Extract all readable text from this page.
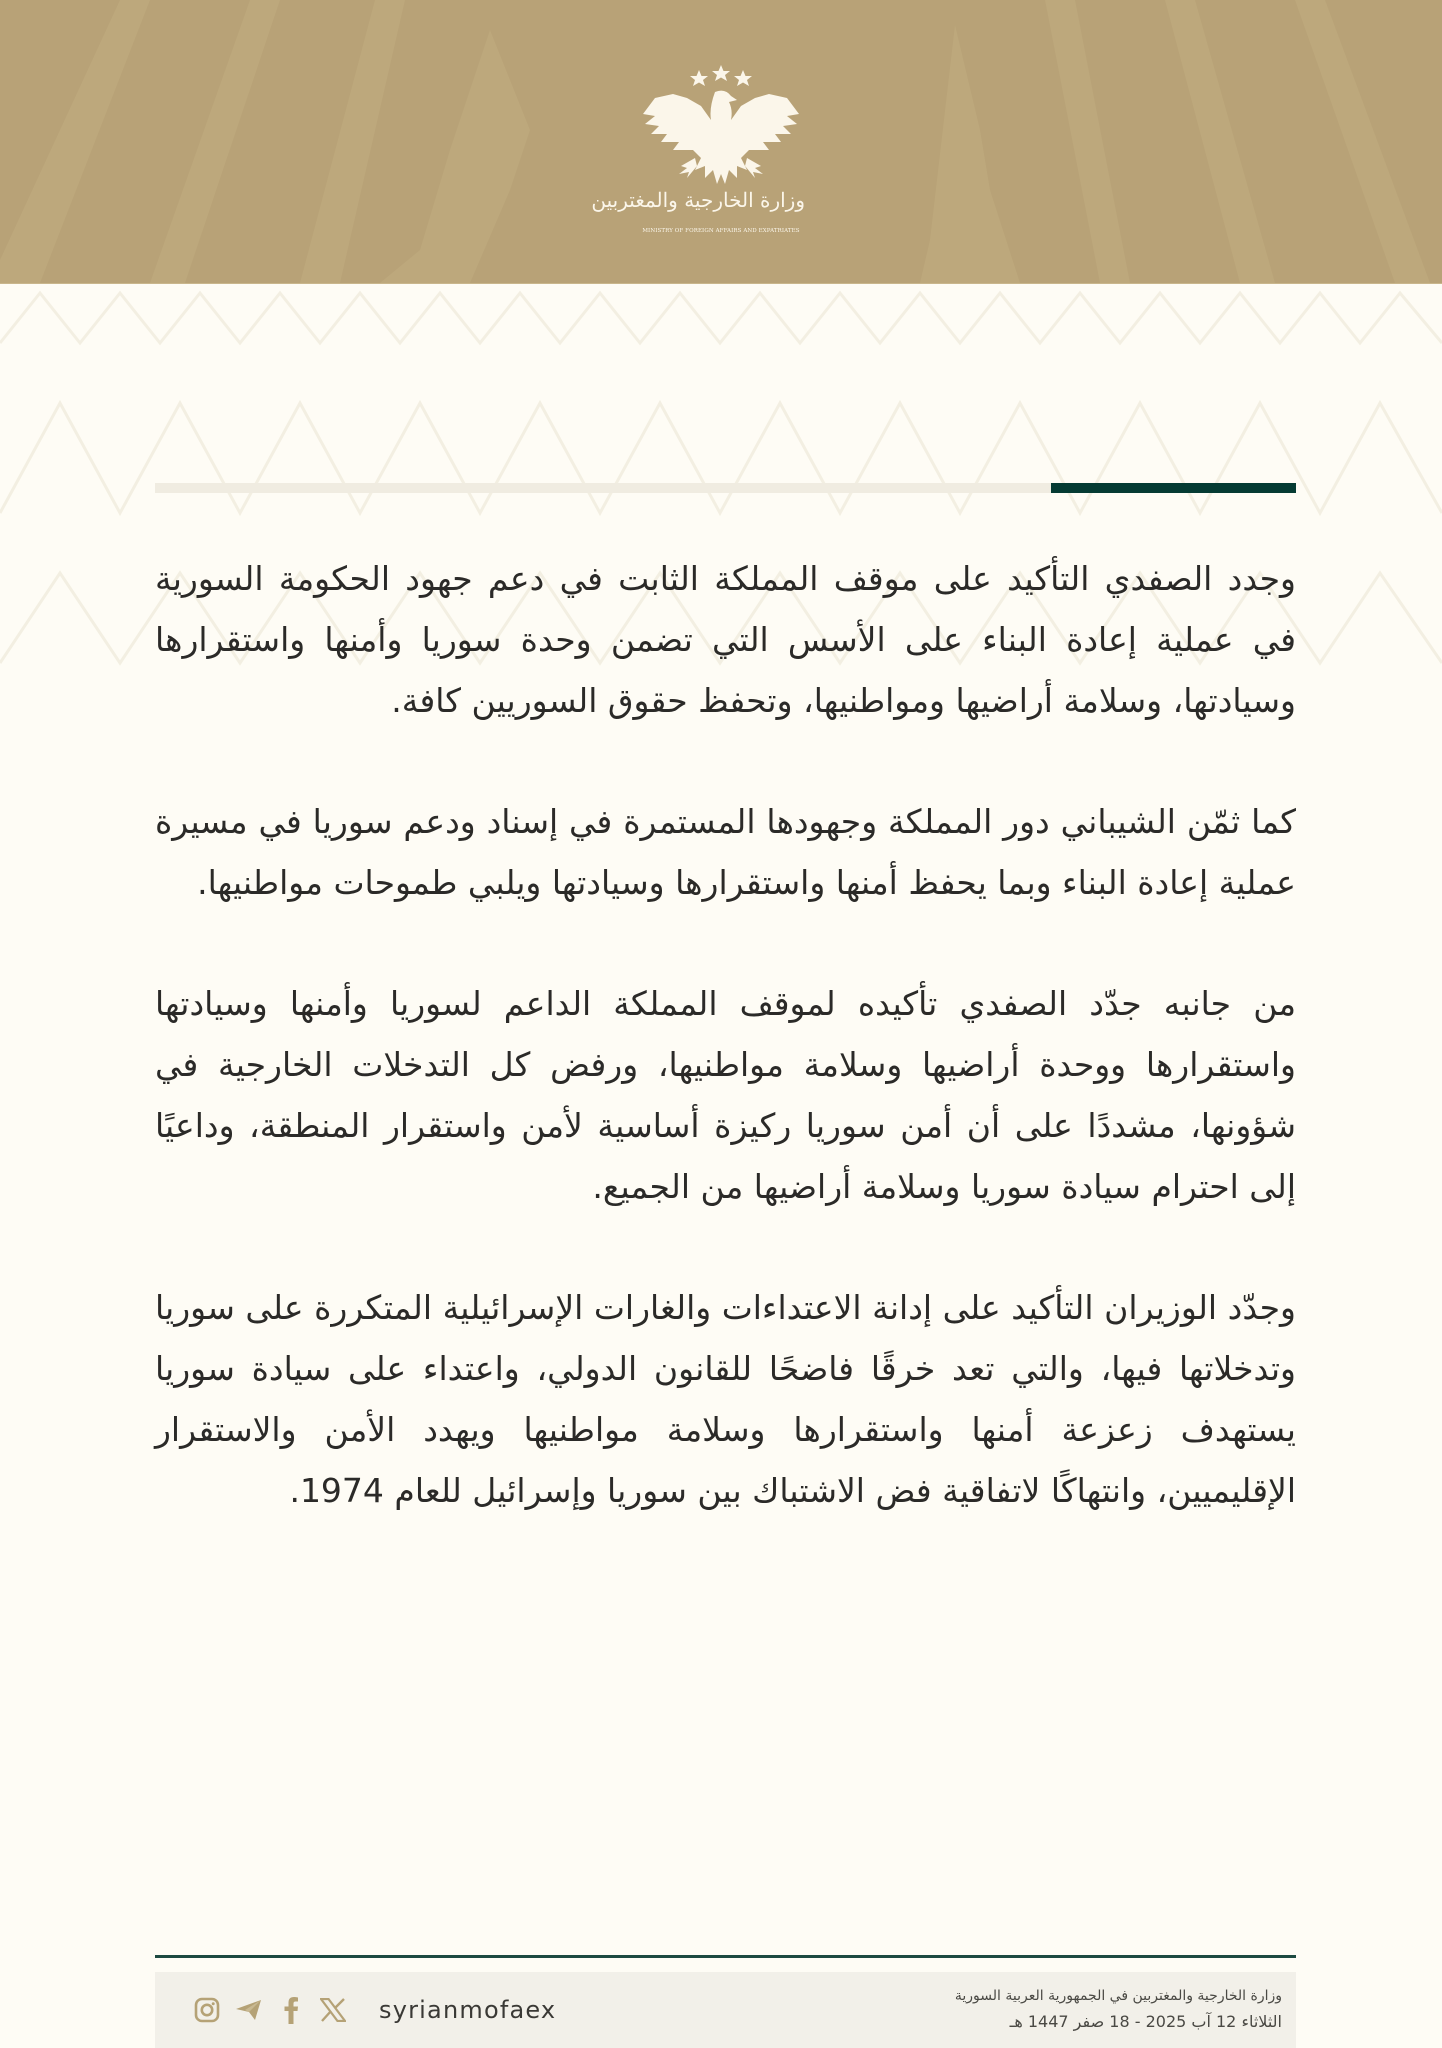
وزارة الخارجية والمغتربين
MINISTRY OF FOREIGN AFFAIRS AND EXPATRIATES

وجدد الصفدي التأكيد على موقف المملكة الثابت في دعم جهود الحكومة السورية في عملية إعادة البناء على الأسس التي تضمن وحدة سوريا وأمنها واستقرارها وسيادتها، وسلامة أراضيها ومواطنيها، وتحفظ حقوق السوريين كافة.

كما ثمّن الشيباني دور المملكة وجهودها المستمرة في إسناد ودعم سوريا في مسيرة عملية إعادة البناء وبما يحفظ أمنها واستقرارها وسيادتها ويلبي طموحات مواطنيها.

من جانبه جدّد الصفدي تأكيده لموقف المملكة الداعم لسوريا وأمنها وسيادتها واستقرارها ووحدة أراضيها وسلامة مواطنيها، ورفض كل التدخلات الخارجية في شؤونها، مشددًا على أن أمن سوريا ركيزة أساسية لأمن واستقرار المنطقة، وداعيًا إلى احترام سيادة سوريا وسلامة أراضيها من الجميع.

وجدّد الوزيران التأكيد على إدانة الاعتداءات والغارات الإسرائيلية المتكررة على سوريا وتدخلاتها فيها، والتي تعد خرقًا فاضحًا للقانون الدولي، واعتداء على سيادة سوريا يستهدف زعزعة أمنها واستقرارها وسلامة مواطنيها ويهدد الأمن والاستقرار الإقليميين، وانتهاكًا لاتفاقية فض الاشتباك بين سوريا وإسرائيل للعام 1974.

syrianmofaex	وزارة الخارجية والمغتربين في الجمهورية العربية السورية
الثلاثاء 12 آب 2025 - 18 صفر 1447 هـ
